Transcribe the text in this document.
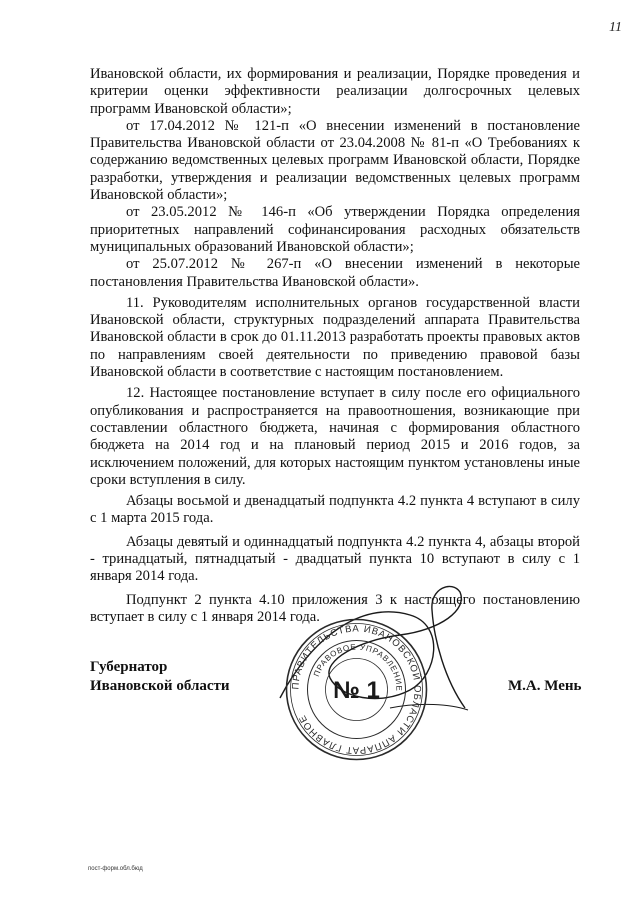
11

Ивановской области, их формирования и реализации, Порядке проведения и критерии оценки эффективности реализации долгосрочных целевых программ Ивановской области»;

от 17.04.2012 № 121-п «О внесении изменений в постановление Правительства Ивановской области от 23.04.2008 № 81-п «О Требованиях к содержанию ведомственных целевых программ Ивановской области, Порядке разработки, утверждения и реализации ведомственных целевых программ Ивановской области»;

от 23.05.2012 № 146-п «Об утверждении Порядка определения приоритетных направлений софинансирования расходных обязательств муниципальных образований Ивановской области»;

от 25.07.2012 № 267-п «О внесении изменений в некоторые постановления Правительства Ивановской области».

11. Руководителям исполнительных органов государственной власти Ивановской области, структурных подразделений аппарата Правительства Ивановской области в срок до 01.11.2013 разработать проекты правовых актов по направлениям своей деятельности по приведению правовой базы Ивановской области в соответствие с настоящим постановлением.

12. Настоящее постановление вступает в силу после его официального опубликования и распространяется на правоотношения, возникающие при составлении областного бюджета, начиная с формирования областного бюджета на 2014 год и на плановый период 2015 и 2016 годов, за исключением положений, для которых настоящим пунктом установлены иные сроки вступления в силу.

Абзацы восьмой и двенадцатый подпункта 4.2 пункта 4 вступают в силу с 1 марта 2015 года.

Абзацы девятый и одиннадцатый подпункта 4.2 пункта 4, абзацы второй - тринадцатый, пятнадцатый - двадцатый пункта 10 вступают в силу с 1 января 2014 года.

Подпункт 2 пункта 4.10 приложения 3 к настоящего постановлению вступает в силу с 1 января 2014 года.

Губернатор
Ивановской области	М.А. Мень
ПРАВИТЕЛЬСТВА ИВАНОВСКОЙ ОБЛАСТИ АППАРАТ ГЛАВНОЕ
ПРАВОВОЕ УПРАВЛЕНИЕ
№ 1
пост-форм.обл.бюд
